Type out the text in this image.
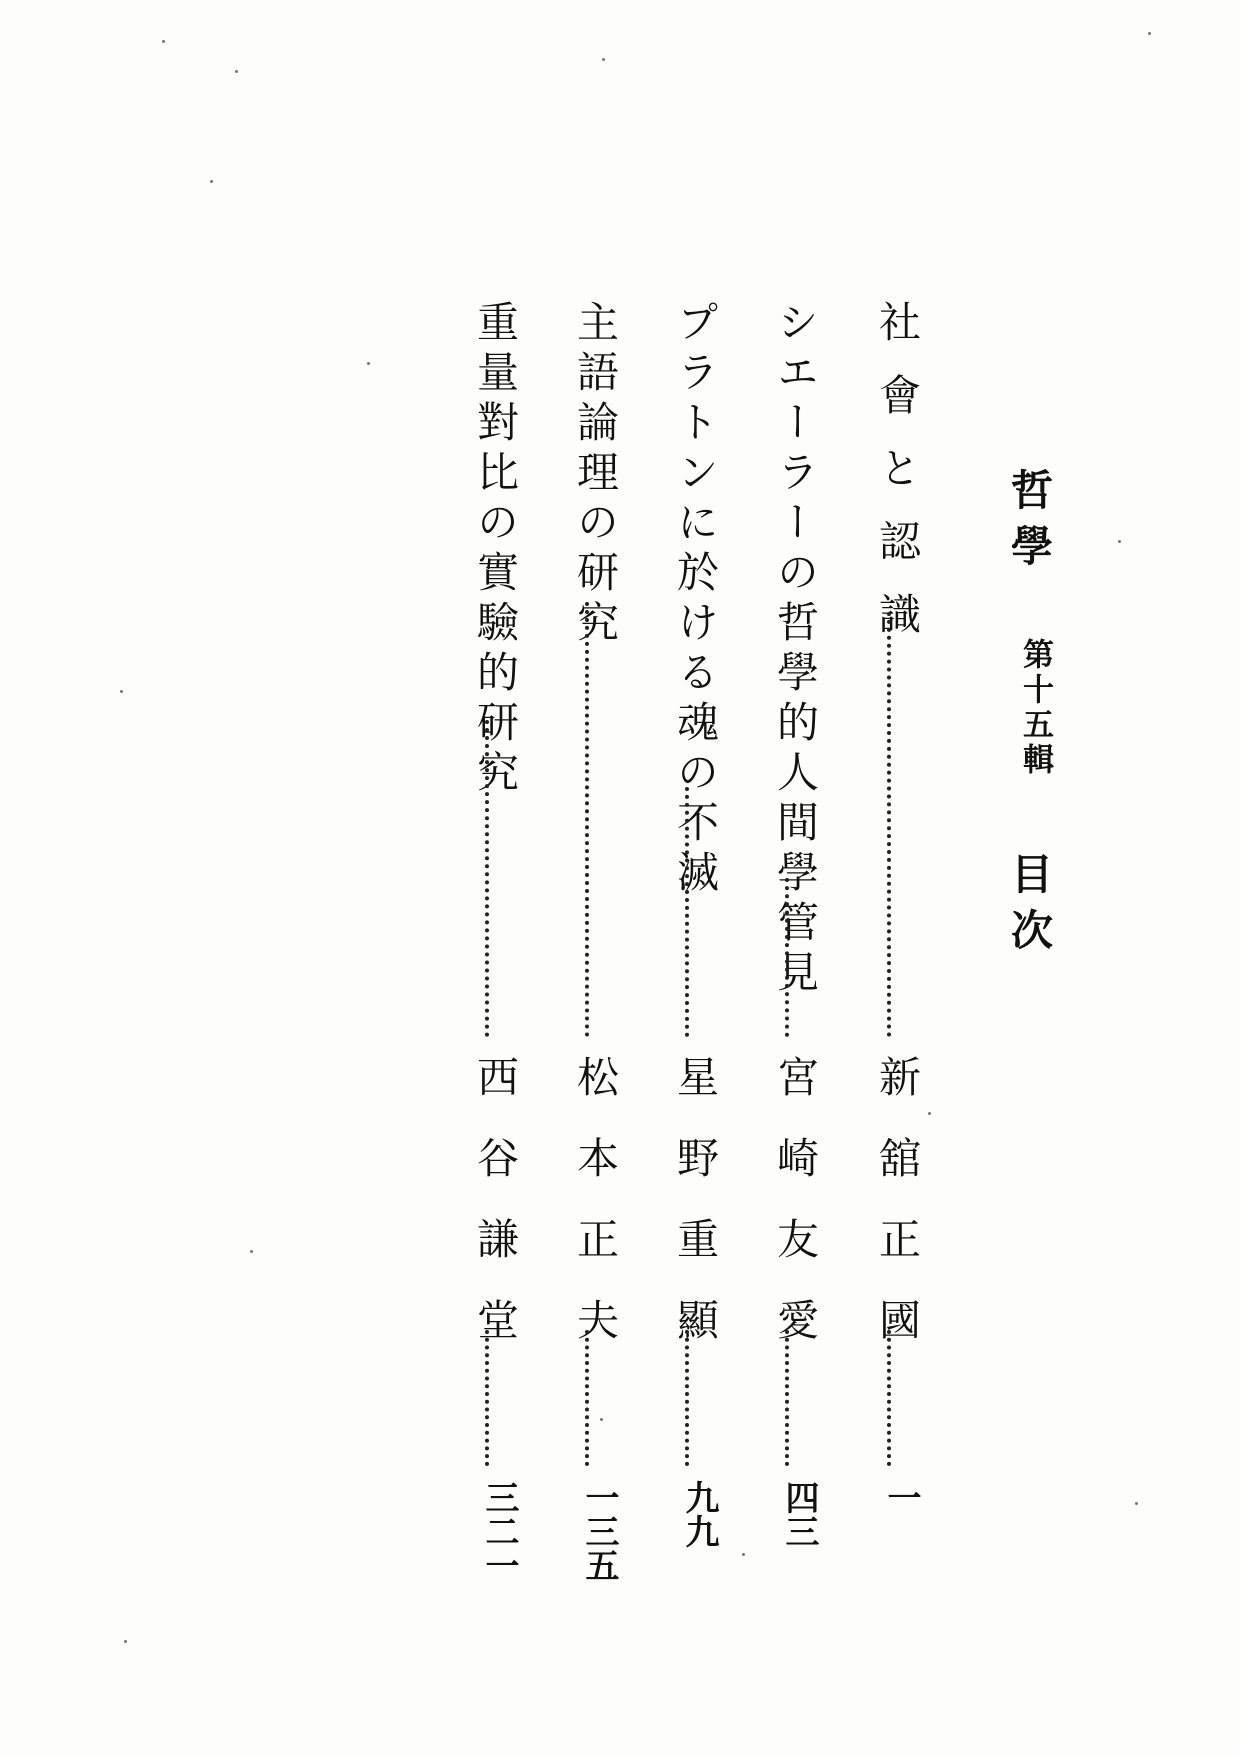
哲學
第十五輯
目次
社會と認識
新舘正國
一
シエーラーの哲學的人間學管見
宮崎友愛
四三
プラトンに於ける魂の不滅
星野重顯
九九
主語論理の研究
松本正夫
一三五
重量對比の實驗的研究
西谷謙堂
三二一
